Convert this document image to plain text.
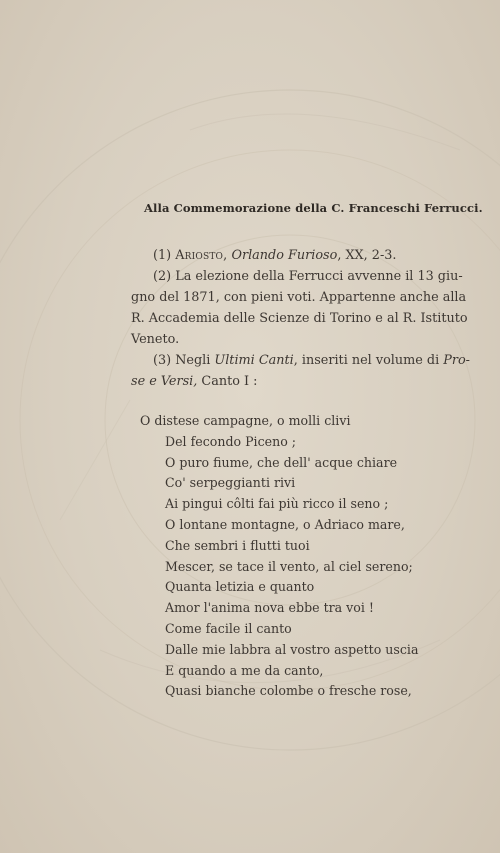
Alla Commemorazione della C. Franceschi Ferrucci.
(1) Ariosto, Orlando Furioso, XX, 2-3.
(2) La elezione della Ferrucci avvenne il 13 giu-
gno del 1871, con pieni voti. Appartenne anche alla
R. Accademia delle Scienze di Torino e al R. Istituto
Veneto.
(3) Negli Ultimi Canti, inseriti nel volume di Pro-
se e Versi, Canto I :
O distese campagne, o molli clivi
Del fecondo Piceno ;
O puro fiume, che dell' acque chiare
Co' serpeggianti rivi
Ai pingui côlti fai più ricco il seno ;
O lontane montagne, o Adriaco mare,
Che sembri i flutti tuoi
Mescer, se tace il vento, al ciel sereno;
Quanta letizia e quanto
Amor l'anima nova ebbe tra voi !
Come facile il canto
Dalle mie labbra al vostro aspetto uscia
E quando a me da canto,
Quasi bianche colombe o fresche rose,
